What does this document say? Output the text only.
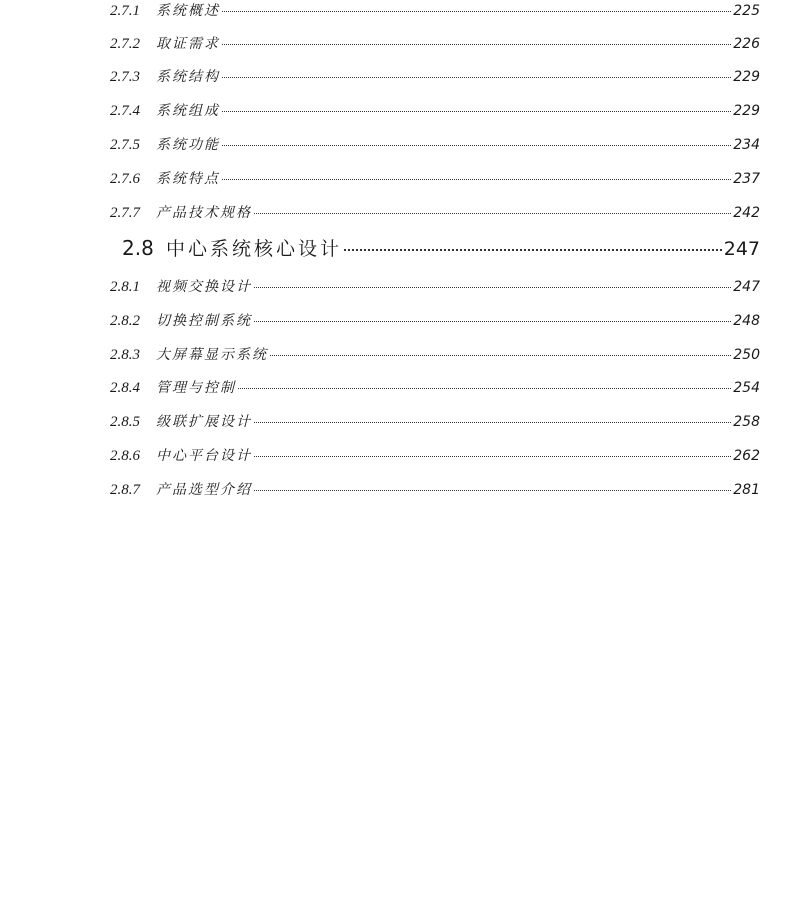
2.7.1	系统概述	225
2.7.2	取证需求	226
2.7.3	系统结构	229
2.7.4	系统组成	229
2.7.5	系统功能	234
2.7.6	系统特点	237
2.7.7	产品技术规格	242
2.8 中心系统核心设计	247
2.8.1	视频交换设计	247
2.8.2	切换控制系统	248
2.8.3	大屏幕显示系统	250
2.8.4	管理与控制	254
2.8.5	级联扩展设计	258
2.8.6	中心平台设计	262
2.8.7	产品选型介绍	281
